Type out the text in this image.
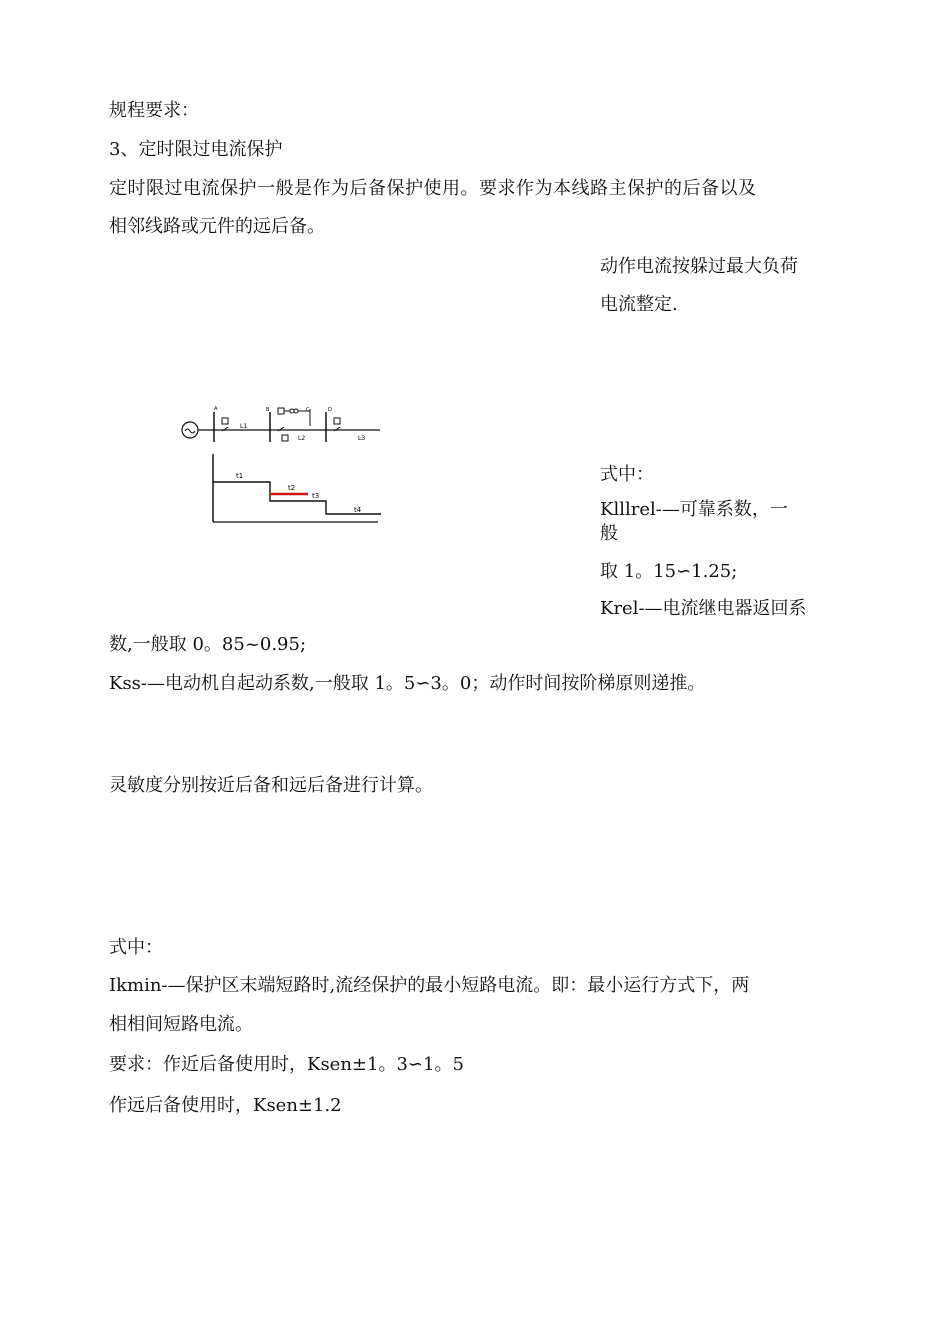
规程要求：

3、定时限过电流保护

定时限过电流保护一般是作为后备保护使用。要求作为本线路主保护的后备以及

相邻线路或元件的远后备。

动作电流按躲过最大负荷

电流整定.

A	B	C	D
L1
L2	L3
t1
t2
t3
t4

式中：

Klllrel-—可靠系数，一

般

取 1。15∽1.25;

Krel-—电流继电器返回系

数,一般取 0。85~0.95;

Kss-—电动机自起动系数,一般取 1。5∽3。0；动作时间按阶梯原则递推。

灵敏度分别按近后备和远后备进行计算。

式中：

Ikmin-—保护区末端短路时,流经保护的最小短路电流。即：最小运行方式下，两

相相间短路电流。

要求：作近后备使用时，Ksen±1。3∽1。5

作远后备使用时，Ksen±1.2
